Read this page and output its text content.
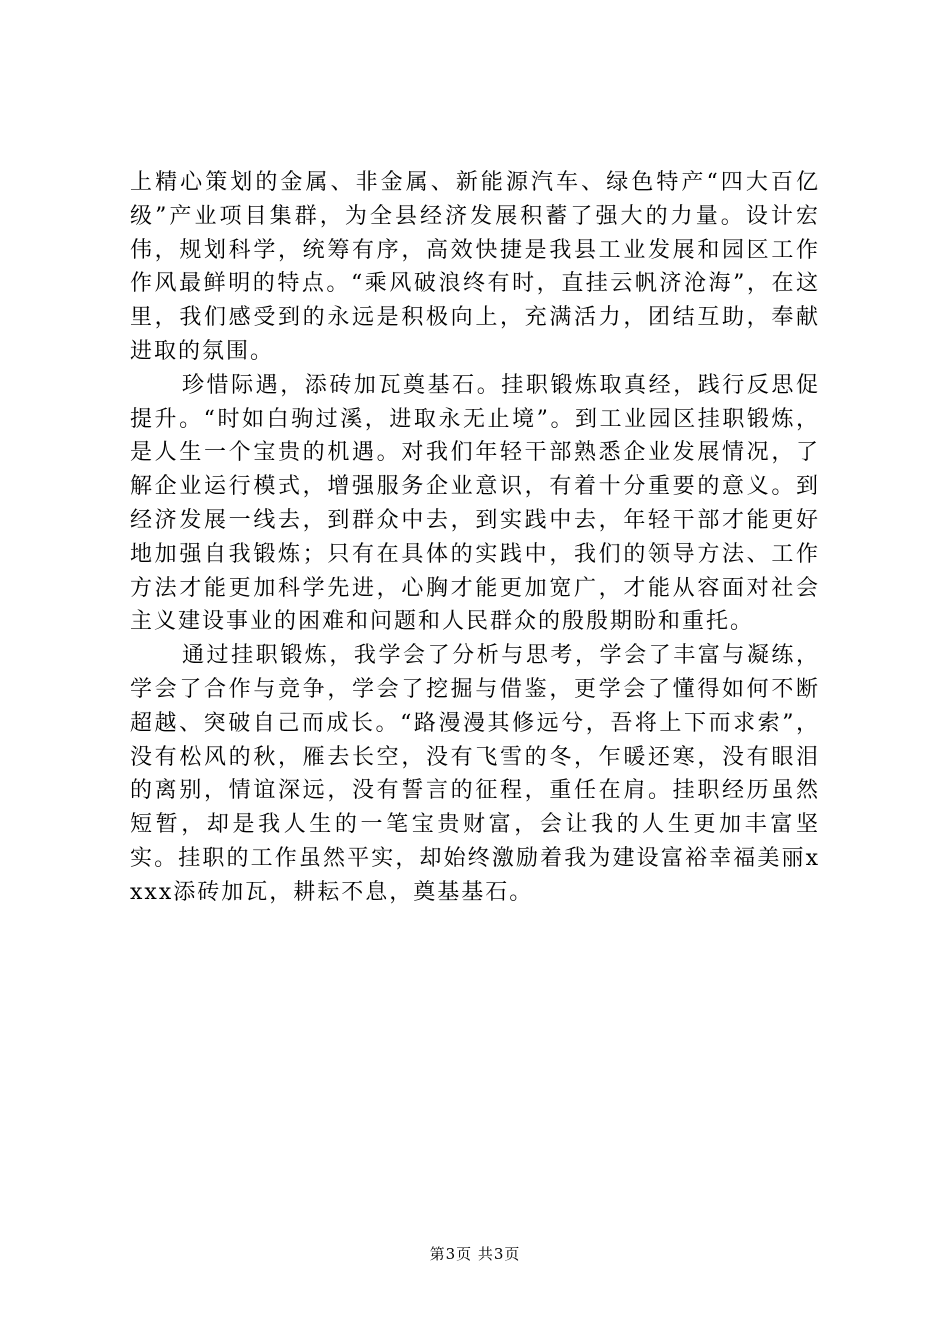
上精心策划的金属、非金属、新能源汽车、绿色特产“四大百亿级”产业项目集群，为全县经济发展积蓄了强大的力量。设计宏伟，规划科学，统筹有序，高效快捷是我县工业发展和园区工作作风最鲜明的特点。“乘风破浪终有时，直挂云帆济沧海”，在这里，我们感受到的永远是积极向上，充满活力，团结互助，奉献进取的氛围。

珍惜际遇，添砖加瓦奠基石。挂职锻炼取真经，践行反思促提升。“时如白驹过溪，进取永无止境”。到工业园区挂职锻炼，是人生一个宝贵的机遇。对我们年轻干部熟悉企业发展情况，了解企业运行模式，增强服务企业意识，有着十分重要的意义。到经济发展一线去，到群众中去，到实践中去，年轻干部才能更好地加强自我锻炼；只有在具体的实践中，我们的领导方法、工作方法才能更加科学先进，心胸才能更加宽广，才能从容面对社会主义建设事业的困难和问题和人民群众的殷殷期盼和重托。

通过挂职锻炼，我学会了分析与思考，学会了丰富与凝练，学会了合作与竞争，学会了挖掘与借鉴，更学会了懂得如何不断超越、突破自己而成长。“路漫漫其修远兮，吾将上下而求索”，没有松风的秋，雁去长空，没有飞雪的冬，乍暖还寒，没有眼泪的离别，情谊深远，没有誓言的征程，重任在肩。挂职经历虽然短暂，却是我人生的一笔宝贵财富，会让我的人生更加丰富坚实。挂职的工作虽然平实，却始终激励着我为建设富裕幸福美丽xxxx添砖加瓦，耕耘不息，奠基基石。

第3页 共3页
